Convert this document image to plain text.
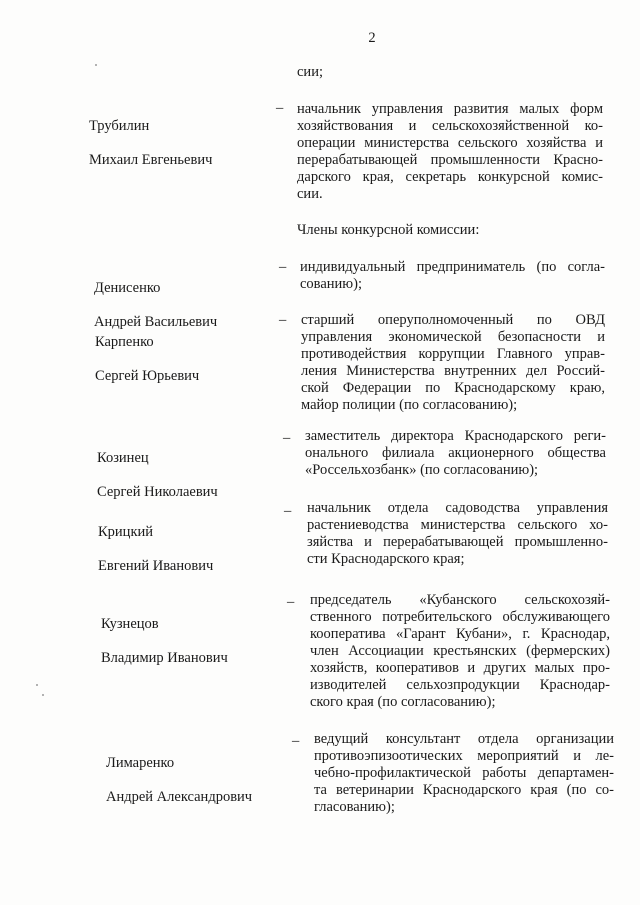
2
сии;

Трубилин

Михаил Евгеньевич

– начальник управления развития малых форм
хозяйствования и сельскохозяйственной ко-
операции министерства сельского хозяйства и
перерабатывающей промышленности Красно-
дарского края, секретарь конкурсной комис-
сии.
Члены конкурсной комиссии:

Денисенко

Андрей Васильевич

– индивидуальный предприниматель (по согла-
сованию);

Карпенко

Сергей Юрьевич

– старший оперуполномоченный по ОВД
управления экономической безопасности и
противодействия коррупции Главного управ-
ления Министерства внутренних дел Россий-
ской Федерации по Краснодарскому краю,
майор полиции (по согласованию);

Козинец

Сергей Николаевич

– заместитель директора Краснодарского реги-
онального филиала акционерного общества
«Россельхозбанк» (по согласованию);

Крицкий

Евгений Иванович

– начальник отдела садоводства управления
растениеводства министерства сельского хо-
зяйства и перерабатывающей промышленно-
сти Краснодарского края;

Кузнецов

Владимир Иванович

– председатель «Кубанского сельскохозяй-
ственного потребительского обслуживающего
кооператива «Гарант Кубани», г. Краснодар,
член Ассоциации крестьянских (фермерских)
хозяйств, кооперативов и других малых про-
изводителей сельхозпродукции Краснодар-
ского края (по согласованию);

Лимаренко

Андрей Александрович

– ведущий консультант отдела организации
противоэпизоотических мероприятий и ле-
чебно-профилактической работы департамен-
та ветеринарии Краснодарского края (по со-
гласованию);
